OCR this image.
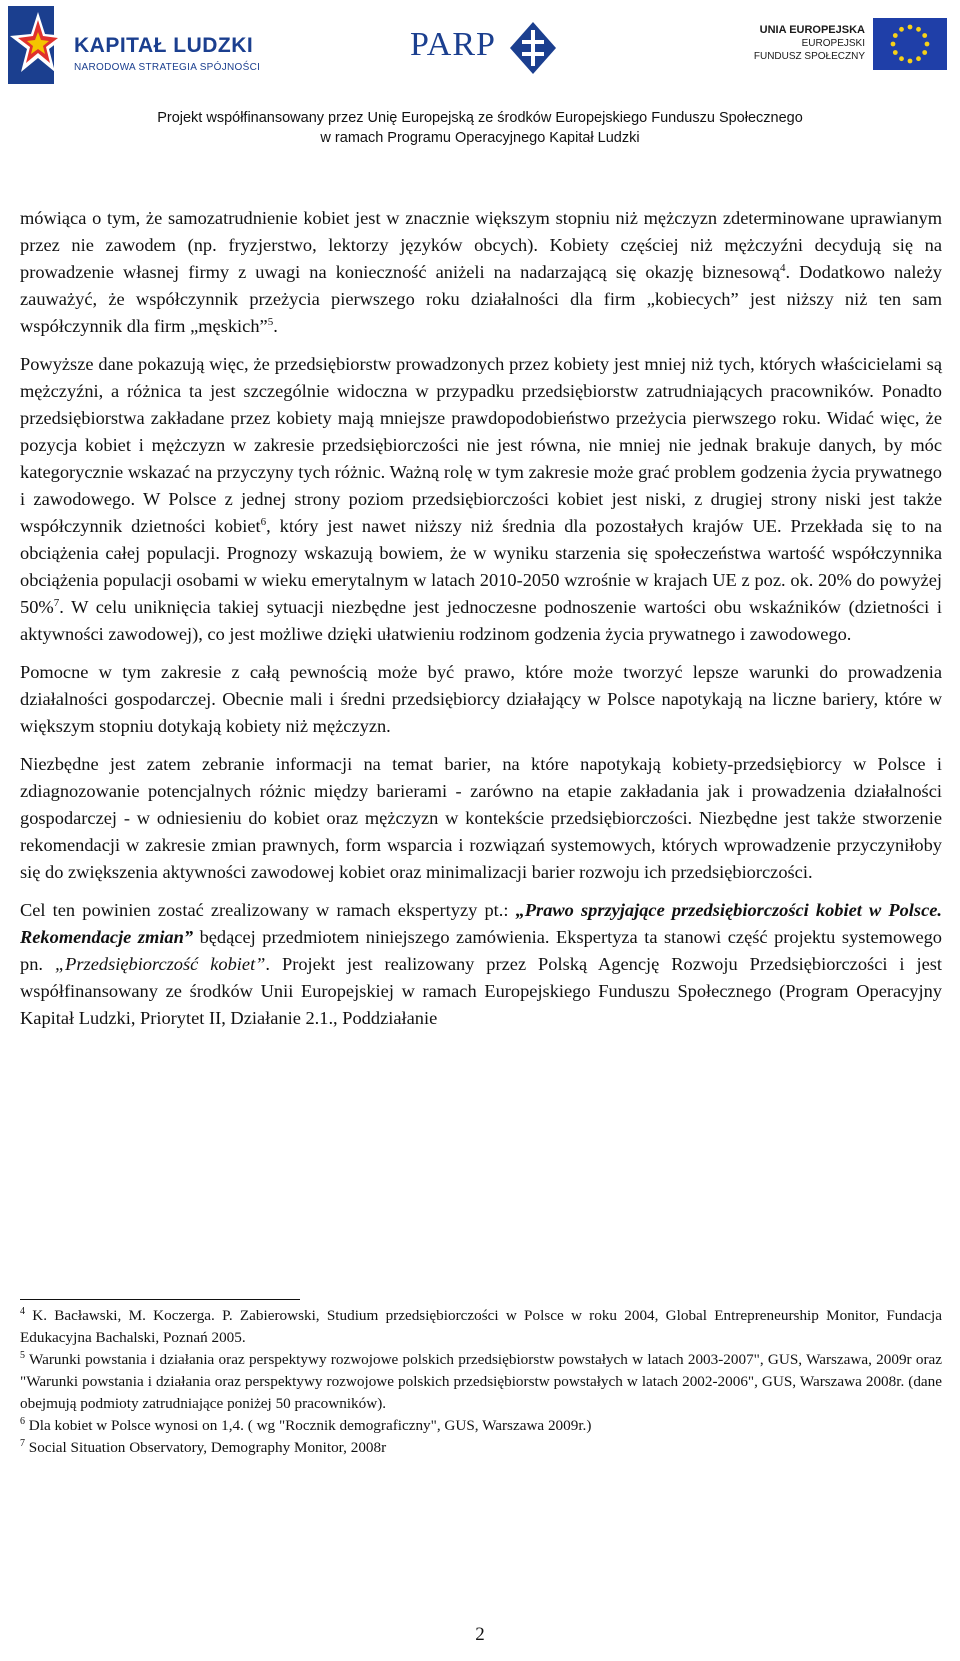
KAPITAŁ LUDZKI
NARODOWA STRATEGIA SPÓJNOŚCI
PARP	UNIA EUROPEJSKA
EUROPEJSKI
FUNDUSZ SPOŁECZNY
Projekt współfinansowany przez Unię Europejską ze środków Europejskiego Funduszu Społecznego
w ramach Programu Operacyjnego Kapitał Ludzki

mówiąca o tym, że samozatrudnienie kobiet jest w znacznie większym stopniu niż mężczyzn zdeterminowane uprawianym przez nie zawodem (np. fryzjerstwo, lektorzy języków obcych). Kobiety częściej niż mężczyźni decydują się na prowadzenie własnej firmy z uwagi na konieczność aniżeli na nadarzającą się okazję biznesową$^4$. Dodatkowo należy zauważyć, że współczynnik przeżycia pierwszego roku działalności dla firm „kobiecych” jest niższy niż ten sam współczynnik dla firm „męskich”$^5$.

Powyższe dane pokazują więc, że przedsiębiorstw prowadzonych przez kobiety jest mniej niż tych, których właścicielami są mężczyźni, a różnica ta jest szczególnie widoczna w przypadku przedsiębiorstw zatrudniających pracowników. Ponadto przedsiębiorstwa zakładane przez kobiety mają mniejsze prawdopodobieństwo przeżycia pierwszego roku. Widać więc, że pozycja kobiet i mężczyzn w zakresie przedsiębiorczości nie jest równa, nie mniej nie jednak brakuje danych, by móc kategorycznie wskazać na przyczyny tych różnic. Ważną rolę w tym zakresie może grać problem godzenia życia prywatnego i zawodowego. W Polsce z jednej strony poziom przedsiębiorczości kobiet jest niski, z drugiej strony niski jest także współczynnik dzietności kobiet$^6$, który jest nawet niższy niż średnia dla pozostałych krajów UE. Przekłada się to na obciążenia całej populacji. Prognozy wskazują bowiem, że w wyniku starzenia się społeczeństwa wartość współczynnika obciążenia populacji osobami w wieku emerytalnym w latach 2010-2050 wzrośnie w krajach UE z poz. ok. 20% do powyżej 50%$^7$. W celu uniknięcia takiej sytuacji niezbędne jest jednoczesne podnoszenie wartości obu wskaźników (dzietności i aktywności zawodowej), co jest możliwe dzięki ułatwieniu rodzinom godzenia życia prywatnego i zawodowego.

Pomocne w tym zakresie z całą pewnością może być prawo, które może tworzyć lepsze warunki do prowadzenia działalności gospodarczej. Obecnie mali i średni przedsiębiorcy działający w Polsce napotykają na liczne bariery, które w większym stopniu dotykają kobiety niż mężczyzn.

Niezbędne jest zatem zebranie informacji na temat barier, na które napotykają kobiety-przedsiębiorcy w Polsce i zdiagnozowanie potencjalnych różnic między barierami - zarówno na etapie zakładania jak i prowadzenia działalności gospodarczej - w odniesieniu do kobiet oraz mężczyzn w kontekście przedsiębiorczości. Niezbędne jest także stworzenie rekomendacji w zakresie zmian prawnych, form wsparcia i rozwiązań systemowych, których wprowadzenie przyczyniłoby się do zwiększenia aktywności zawodowej kobiet oraz minimalizacji barier rozwoju ich przedsiębiorczości.

Cel ten powinien zostać zrealizowany w ramach ekspertyzy pt.: „Prawo sprzyjające przedsiębiorczości kobiet w Polsce. Rekomendacje zmian” będącej przedmiotem niniejszego zamówienia. Ekspertyza ta stanowi część projektu systemowego pn. „Przedsiębiorczość kobiet”. Projekt jest realizowany przez Polską Agencję Rozwoju Przedsiębiorczości i jest współfinansowany ze środków Unii Europejskiej w ramach Europejskiego Funduszu Społecznego (Program Operacyjny Kapitał Ludzki, Priorytet II, Działanie 2.1., Poddziałanie

$^4$ K. Bacławski, M. Koczerga. P. Zabierowski, Studium przedsiębiorczości w Polsce w roku 2004, Global Entrepreneurship Monitor, Fundacja Edukacyjna Bachalski, Poznań 2005.

$^5$ Warunki powstania i działania oraz perspektywy rozwojowe polskich przedsiębiorstw powstałych w latach 2003-2007", GUS, Warszawa, 2009r oraz "Warunki powstania i działania oraz perspektywy rozwojowe polskich przedsiębiorstw powstałych w latach 2002-2006", GUS, Warszawa 2008r. (dane obejmują podmioty zatrudniające poniżej 50 pracowników).

$^6$ Dla kobiet w Polsce wynosi on 1,4. ( wg "Rocznik demograficzny", GUS, Warszawa 2009r.)

$^7$ Social Situation Observatory, Demography Monitor, 2008r

2
